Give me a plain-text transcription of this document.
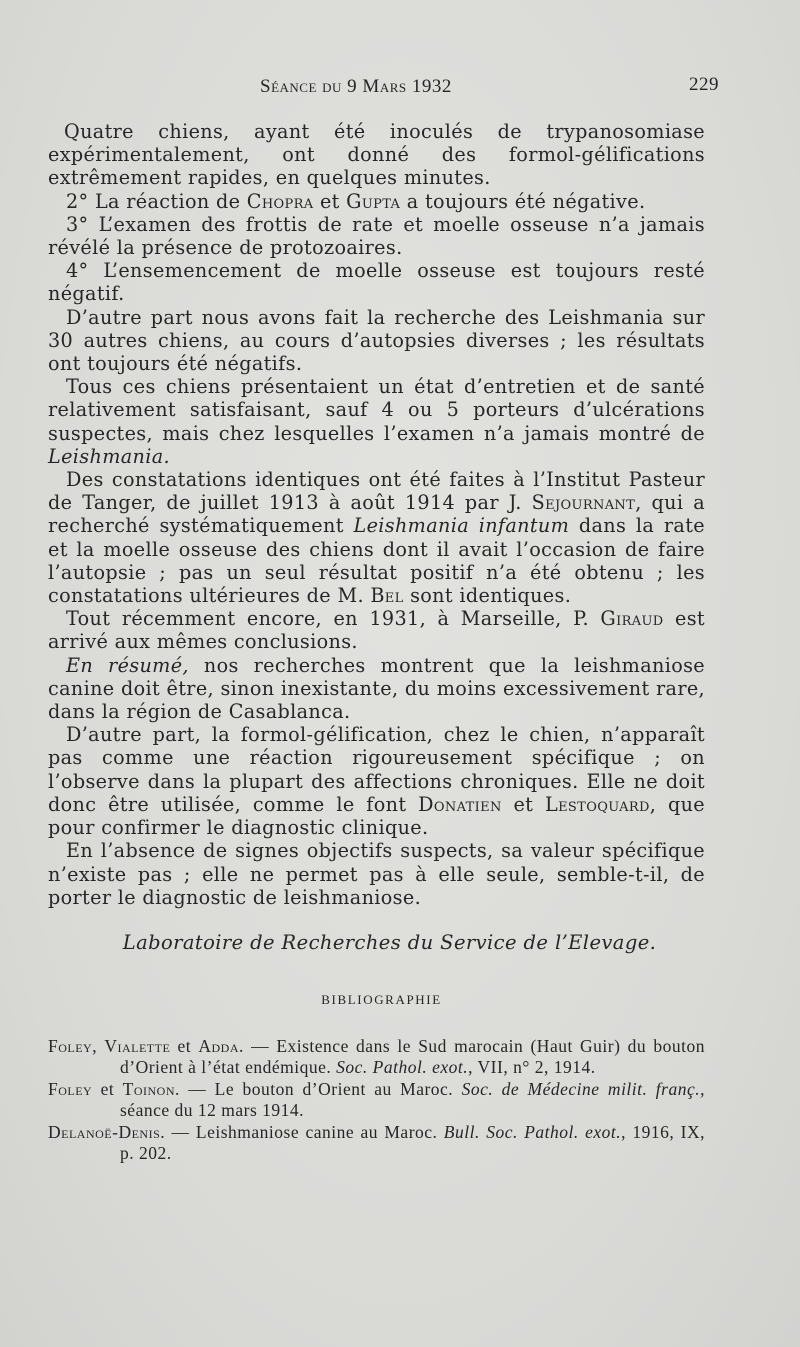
Séance du 9 Mars 1932	229

Quatre chiens, ayant été inoculés de trypanosomiase expérimentalement, ont donné des formol-gélifications extrêmement rapides, en quelques minutes.

2° La réaction de Chopra et Gupta a toujours été négative.

3° L’examen des frottis de rate et moelle osseuse n’a jamais révélé la présence de protozoaires.

4° L’ensemencement de moelle osseuse est toujours resté négatif.

D’autre part nous avons fait la recherche des Leishmania sur 30 autres chiens, au cours d’autopsies diverses ; les résultats ont toujours été négatifs.

Tous ces chiens présentaient un état d’entretien et de santé relativement satisfaisant, sauf 4 ou 5 porteurs d’ulcérations suspectes, mais chez lesquelles l’examen n’a jamais montré de Leishmania.

Des constatations identiques ont été faites à l’Institut Pasteur de Tanger, de juillet 1913 à août 1914 par J. Sejournant, qui a recherché systématiquement Leishmania infantum dans la rate et la moelle osseuse des chiens dont il avait l’occasion de faire l’autopsie ; pas un seul résultat positif n’a été obtenu ; les constatations ultérieures de M. Bel sont identiques.

Tout récemment encore, en 1931, à Marseille, P. Giraud est arrivé aux mêmes conclusions.

En résumé, nos recherches montrent que la leishmaniose canine doit être, sinon inexistante, du moins excessivement rare, dans la région de Casablanca.

D’autre part, la formol-gélification, chez le chien, n’apparaît pas comme une réaction rigoureusement spécifique ; on l’observe dans la plupart des affections chroniques. Elle ne doit donc être utilisée, comme le font Donatien et Lestoquard, que pour confirmer le diagnostic clinique.

En l’absence de signes objectifs suspects, sa valeur spécifique n’existe pas ; elle ne permet pas à elle seule, semble-t-il, de porter le diagnostic de leishmaniose.

Laboratoire de Recherches du Service de l’Elevage.
BIBLIOGRAPHIE

Foley, Vialette et Adda. — Existence dans le Sud marocain (Haut Guir) du bouton d’Orient à l’état endémique. Soc. Pathol. exot., VII, n° 2, 1914.

Foley et Toinon. — Le bouton d’Orient au Maroc. Soc. de Médecine milit. franç., séance du 12 mars 1914.

Delanoë-Denis. — Leishmaniose canine au Maroc. Bull. Soc. Pathol. exot., 1916, IX, p. 202.
